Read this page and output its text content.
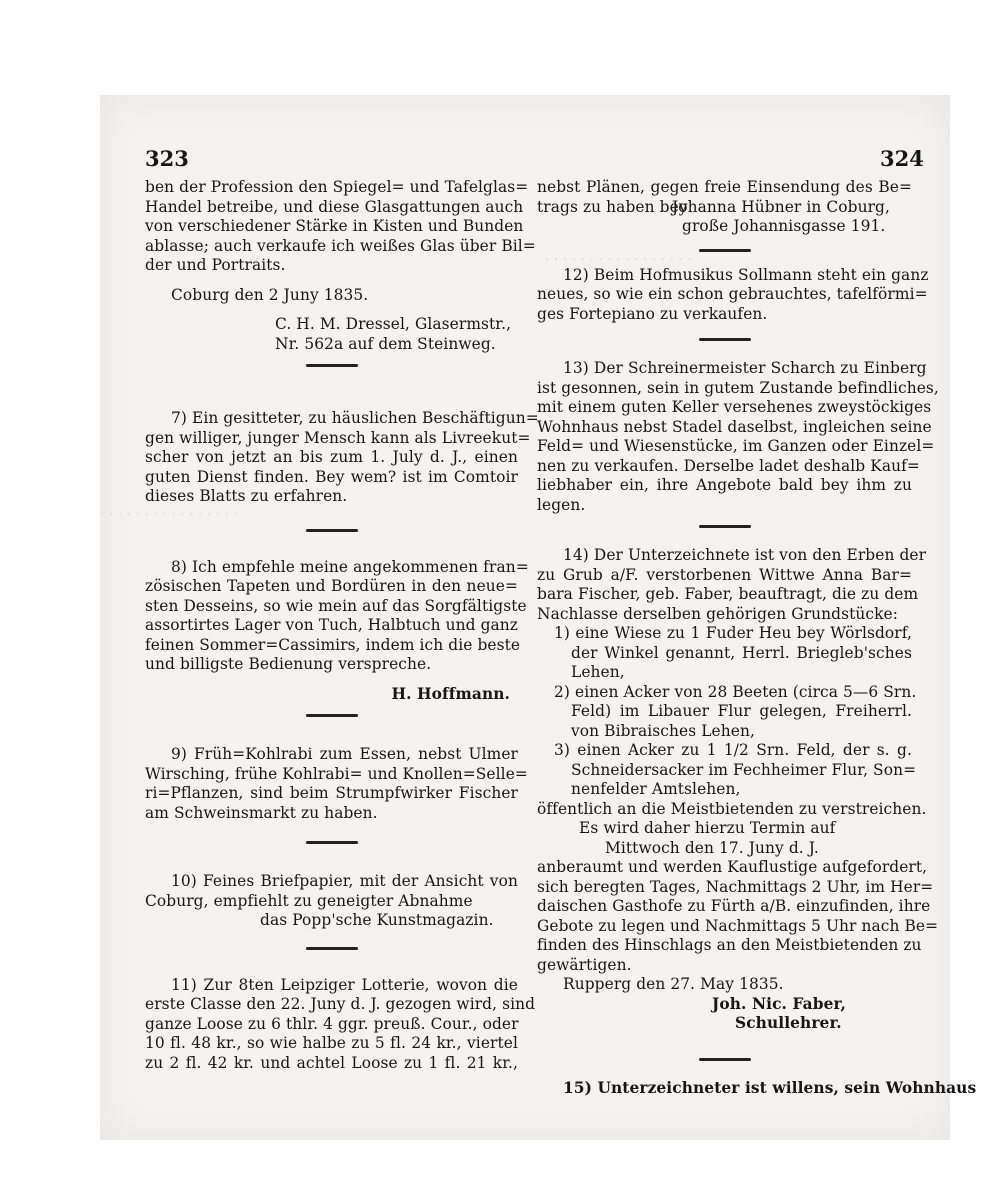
· · · · · · · · · · · · · · · · ·
· · · · · · · · · · · · · · · ·
323	324
ben der Profession den Spiegel= und Tafelglas=
Handel betreibe, und diese Glasgattungen auch
von verschiedener Stärke in Kisten und Bunden
ablasse; auch verkaufe ich weißes Glas über Bil=
der und Portraits.
Coburg den 2 Juny 1835.
C. H. M. Dressel, Glasermstr.,
Nr. 562a auf dem Steinweg.
7) Ein gesitteter, zu häuslichen Beschäftigun=
gen williger, junger Mensch kann als Livreekut=
scher von jetzt an bis zum 1. July d. J., einen
guten Dienst finden. Bey wem? ist im Comtoir
dieses Blatts zu erfahren.
8) Ich empfehle meine angekommenen fran=
zösischen Tapeten und Bordüren in den neue=
sten Desseins, so wie mein auf das Sorgfältigste
assortirtes Lager von Tuch, Halbtuch und ganz
feinen Sommer=Cassimirs, indem ich die beste
und billigste Bedienung verspreche.
H. Hoffmann.
9) Früh=Kohlrabi zum Essen, nebst Ulmer
Wirsching, frühe Kohlrabi= und Knollen=Selle=
ri=Pflanzen, sind beim Strumpfwirker Fischer
am Schweinsmarkt zu haben.
10) Feines Briefpapier, mit der Ansicht von
Coburg, empfiehlt zu geneigter Abnahme
das Popp'sche Kunstmagazin.
11) Zur 8ten Leipziger Lotterie, wovon die
erste Classe den 22. Juny d. J. gezogen wird, sind
ganze Loose zu 6 thlr. 4 ggr. preuß. Cour., oder
10 fl. 48 kr., so wie halbe zu 5 fl. 24 kr., viertel
zu 2 fl. 42 kr. und achtel Loose zu 1 fl. 21 kr.,
nebst Plänen, gegen freie Einsendung des Be=
trags zu haben bey
Johanna Hübner in Coburg,
große Johannisgasse 191.
12) Beim Hofmusikus Sollmann steht ein ganz
neues, so wie ein schon gebrauchtes, tafelförmi=
ges Fortepiano zu verkaufen.
13) Der Schreinermeister Scharch zu Einberg
ist gesonnen, sein in gutem Zustande befindliches,
mit einem guten Keller versehenes zweystöckiges
Wohnhaus nebst Stadel daselbst, ingleichen seine
Feld= und Wiesenstücke, im Ganzen oder Einzel=
nen zu verkaufen. Derselbe ladet deshalb Kauf=
liebhaber ein, ihre Angebote bald bey ihm zu
legen.
14) Der Unterzeichnete ist von den Erben der
zu Grub a/F. verstorbenen Wittwe Anna Bar=
bara Fischer, geb. Faber, beauftragt, die zu dem
Nachlasse derselben gehörigen Grundstücke:
1) eine Wiese zu 1 Fuder Heu bey Wörlsdorf,
der Winkel genannt, Herrl. Briegleb'sches
Lehen,
2) einen Acker von 28 Beeten (circa 5—6 Srn.
Feld) im Libauer Flur gelegen, Freiherrl.
von Bibraisches Lehen,
3) einen Acker zu 1 1/2 Srn. Feld, der s. g.
Schneidersacker im Fechheimer Flur, Son=
nenfelder Amtslehen,
öffentlich an die Meistbietenden zu verstreichen.
Es wird daher hierzu Termin auf
Mittwoch den 17. Juny d. J.
anberaumt und werden Kauflustige aufgefordert,
sich beregten Tages, Nachmittags 2 Uhr, im Her=
daischen Gasthofe zu Fürth a/B. einzufinden, ihre
Gebote zu legen und Nachmittags 5 Uhr nach Be=
finden des Hinschlags an den Meistbietenden zu
gewärtigen.
Rupperg den 27. May 1835.
Joh. Nic. Faber,
Schullehrer.
15) Unterzeichneter ist willens, sein Wohnhaus
